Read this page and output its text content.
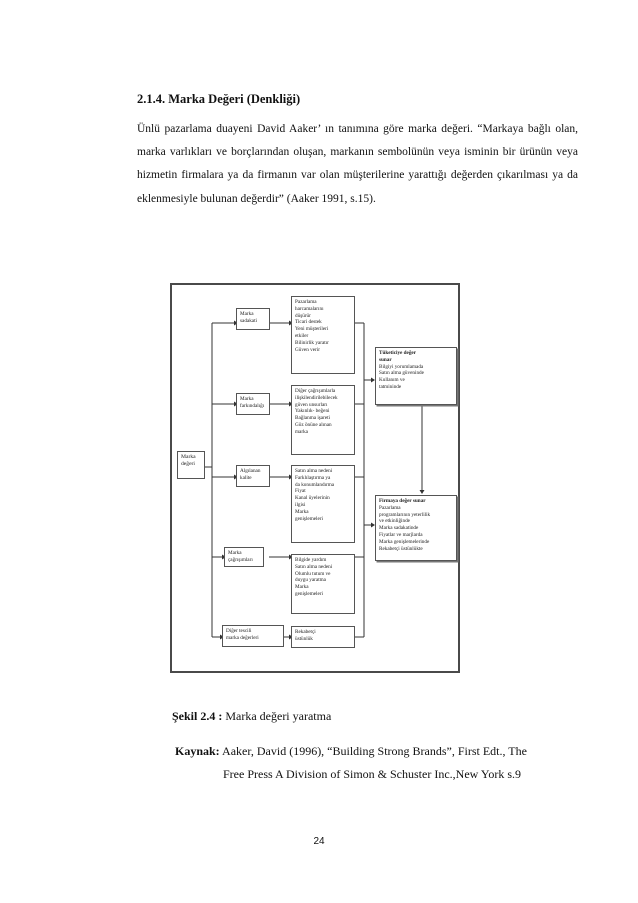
2.1.4. Marka Değeri (Denkliği)
Ünlü pazarlama duayeni David Aaker’ ın tanımına göre marka değeri. “Markaya bağlı olan, marka varlıkları ve borçlarından oluşan, markanın sembolünün veya isminin bir ürünün veya hizmetin firmalara ya da firmanın var olan müşterilerine yarattığı değerden çıkarılması ya da eklenmesiyle bulunan değerdir” (Aaker 1991, s.15).
Marka
değeri
Marka
sadakati
Marka
farkındalığı
Algılanan
kalite
Marka
çağrışımları
Diğer tescili
marka değerleri
Pazarlama
harcamalarını
düşürür
Ticari destek
Yeni müşterileri
etkiler
Bilinirlik yaratır
Güven verir
Diğer çağrışımlarla
ilişkilendirilebilecek
güven unsurları
Yakınlık- beğeni
Bağlanma işareti
Göz önüne alınan
marka
Satın alma nedeni
Farklılaştırma ya
da konumlandırma
Fiyat
Kanal üyelerinin
ilgisi
Marka
genişlemeleri
Bilgide yardım
Satın alma nedeni
Olumlu tutum ve
duygu yaratma
Marka
genişlemeleri
Rekabetçi
üstünlük
Tüketiciye değer
sunar
Bilgiyi yorumlamada
Satın alma güveninde
Kullanım ve
tatmininde
Firmaya değer sunar
Pazarlama
programlarının yeterlilik
ve etkinliğinde
Marka sadakatinde
Fiyatlar ve marjlarda
Marka genişlemelerinde
Rekabetçi üstünlükte
Şekil 2.4 : Marka değeri yaratma
Kaynak: Aaker, David (1996), “Building Strong Brands”, First Edt., The
Free Press A Division of Simon & Schuster Inc.,New York s.9
24
